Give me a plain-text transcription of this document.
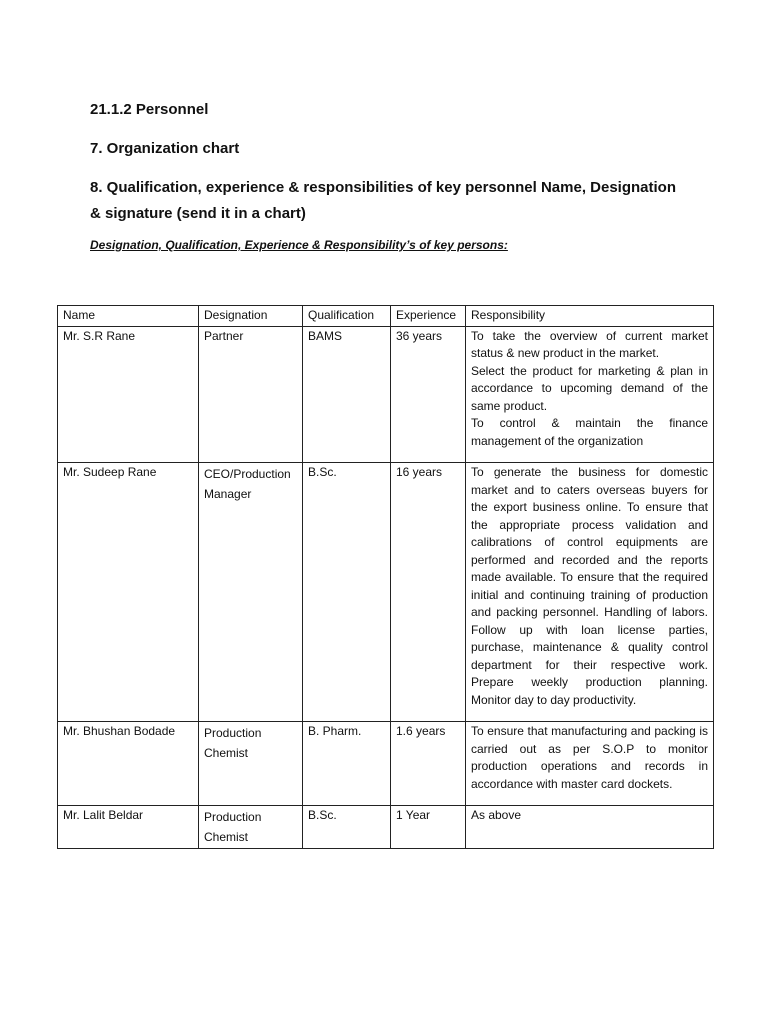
21.1.2 Personnel
7. Organization chart
8. Qualification, experience & responsibilities of key personnel Name, Designation & signature (send it in a chart)

Designation, Qualification, Experience & Responsibility’s of key persons:

Name	Designation	Qualification	Experience	Responsibility
Mr. S.R Rane	Partner	BAMS	36 years	To take the overview of current market status & new product in the market.

Select the product for marketing & plan in accordance to upcoming demand of the same product.

To control & maintain the finance management of the organization

Mr. Sudeep Rane	CEO/Production Manager	B.Sc.	16 years	To generate the business for domestic market and to caters overseas buyers for the export business online. To ensure that the appropriate process validation and calibrations of control equipments are performed and recorded and the reports made available. To ensure that the required initial and continuing training of production and packing personnel. Handling of labors. Follow up with loan license parties, purchase, maintenance & quality control department for their respective work. Prepare weekly production planning. Monitor day to day productivity.

Mr. Bhushan Bodade	Production Chemist	B. Pharm.	1.6 years	To ensure that manufacturing and packing is carried out as per S.O.P to monitor production operations and records in accordance with master card dockets.

Mr. Lalit Beldar	Production Chemist	B.Sc.	1 Year	As above
